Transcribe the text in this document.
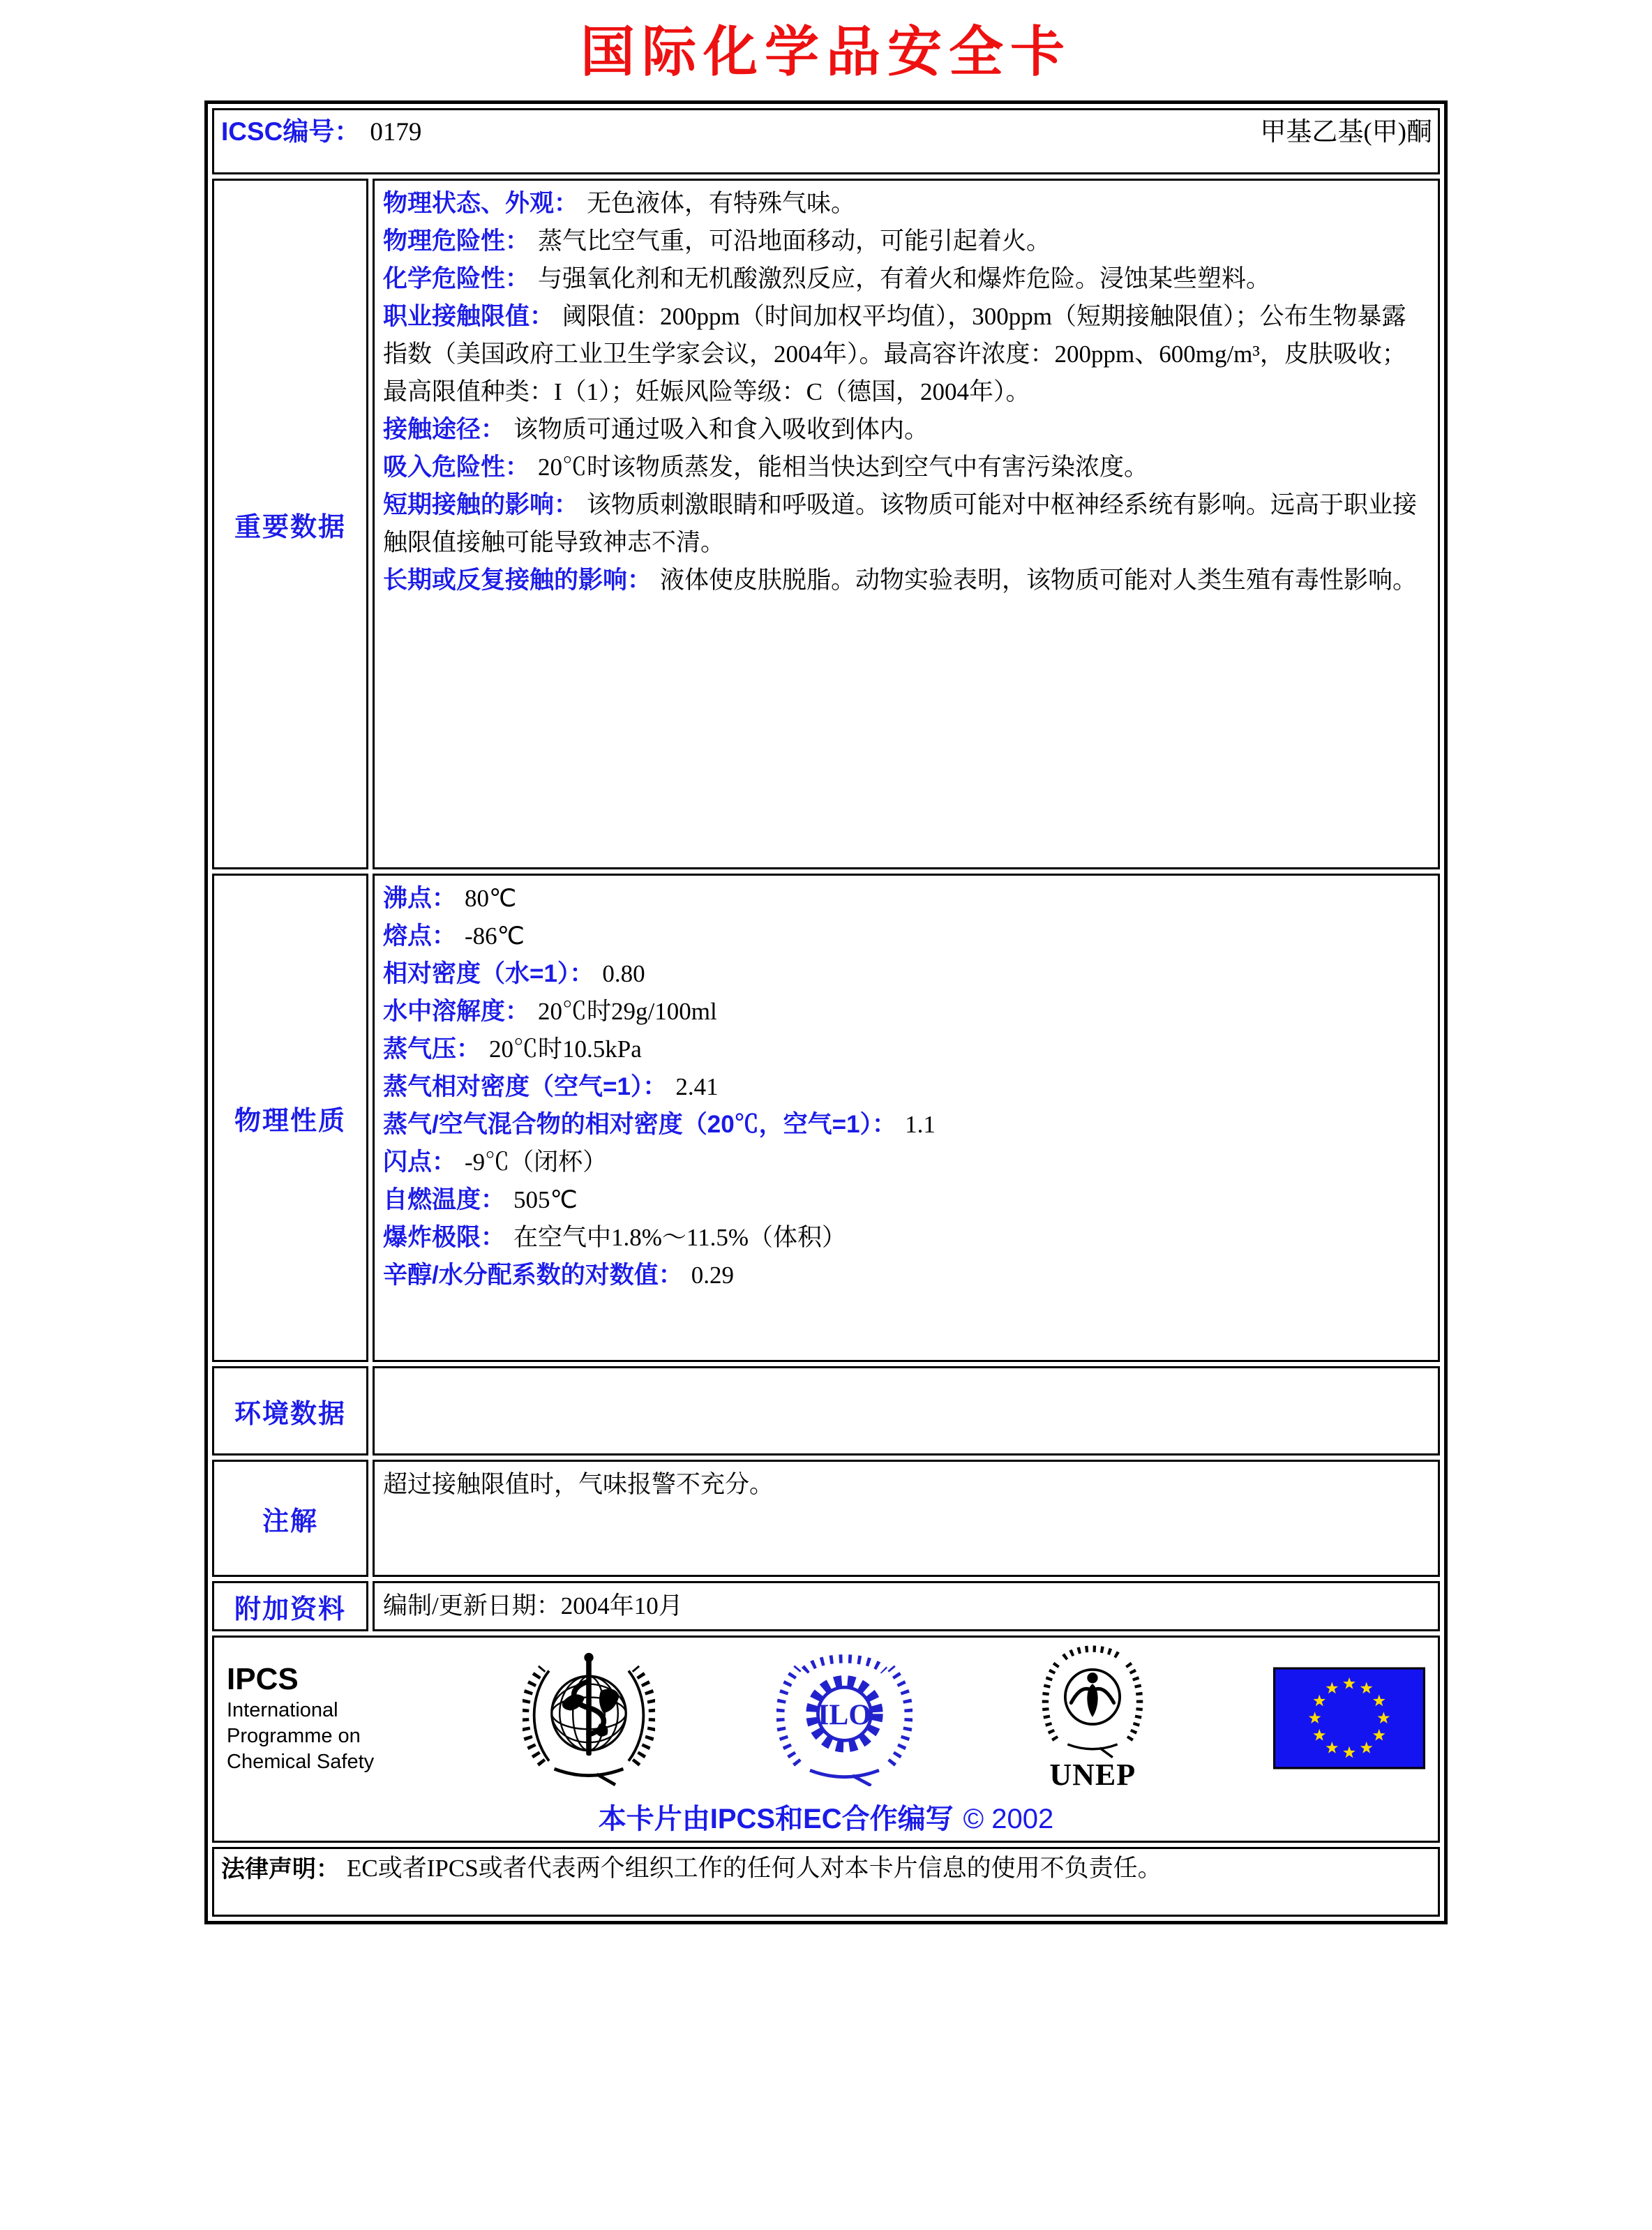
国际化学品安全卡
ICSC编号： 0179 甲基乙基(甲)酮	

重要数据	
物理状态、外观： 无色液体，有特殊气味。
物理危险性： 蒸气比空气重，可沿地面移动，可能引起着火。
化学危险性： 与强氧化剂和无机酸激烈反应，有着火和爆炸危险。浸蚀某些塑料。
职业接触限值： 阈限值：200ppm（时间加权平均值），300ppm（短期接触限值）；公布生物暴露指数（美国政府工业卫生学家会议，2004年）。最高容许浓度：200ppm、600mg/m³，皮肤吸收；最高限值种类：I（1）；妊娠风险等级：C（德国，2004年）。
接触途径： 该物质可通过吸入和食入吸收到体内。
吸入危险性： 20℃时该物质蒸发，能相当快达到空气中有害污染浓度。
短期接触的影响： 该物质刺激眼睛和呼吸道。该物质可能对中枢神经系统有影响。远高于职业接触限值接触可能导致神志不清。
长期或反复接触的影响： 液体使皮肤脱脂。动物实验表明，该物质可能对人类生殖有毒性影响。

物理性质	
沸点： 80℃
熔点： -86℃
相对密度（水=1）： 0.80
水中溶解度： 20℃时29g/100ml
蒸气压： 20℃时10.5kPa
蒸气相对密度（空气=1）： 2.41
蒸气/空气混合物的相对密度（20℃，空气=1）： 1.1
闪点： -9℃（闭杯）
自燃温度： 505℃
爆炸极限： 在空气中1.8%～11.5%（体积）
辛醇/水分配系数的对数值： 0.29

环境数据	
注解	超过接触限值时，气味报警不充分。

附加资料	编制/更新日期：2004年10月

IPCS
International
Programme on
Chemical Safety
ILO
UNEP
本卡片由IPCS和EC合作编写 © 2002

法律声明： EC或者IPCS或者代表两个组织工作的任何人对本卡片信息的使用不负责任。	
